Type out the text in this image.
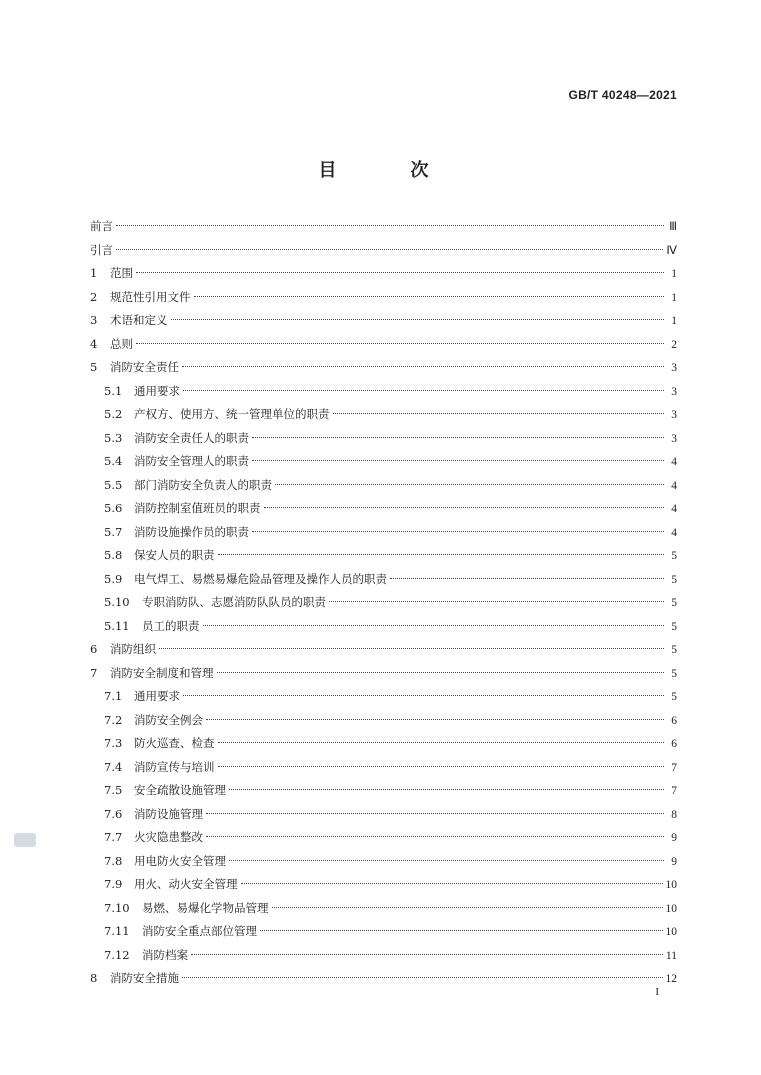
GB/T 40248—2021
目　次
前言	Ⅲ
引言	Ⅳ
1	范围	1
2	规范性引用文件	1
3	术语和定义	1
4	总则	2
5	消防安全责任	3
5.1	通用要求	3
5.2	产权方、使用方、统一管理单位的职责	3
5.3	消防安全责任人的职责	3
5.4	消防安全管理人的职责	4
5.5	部门消防安全负责人的职责	4
5.6	消防控制室值班员的职责	4
5.7	消防设施操作员的职责	4
5.8	保安人员的职责	5
5.9	电气焊工、易燃易爆危险品管理及操作人员的职责	5
5.10	专职消防队、志愿消防队队员的职责	5
5.11	员工的职责	5
6	消防组织	5
7	消防安全制度和管理	5
7.1	通用要求	5
7.2	消防安全例会	6
7.3	防火巡查、检查	6
7.4	消防宣传与培训	7
7.5	安全疏散设施管理	7
7.6	消防设施管理	8
7.7	火灾隐患整改	9
7.8	用电防火安全管理	9
7.9	用火、动火安全管理	10
7.10	易燃、易爆化学物品管理	10
7.11	消防安全重点部位管理	10
7.12	消防档案	11
8	消防安全措施	12
I
